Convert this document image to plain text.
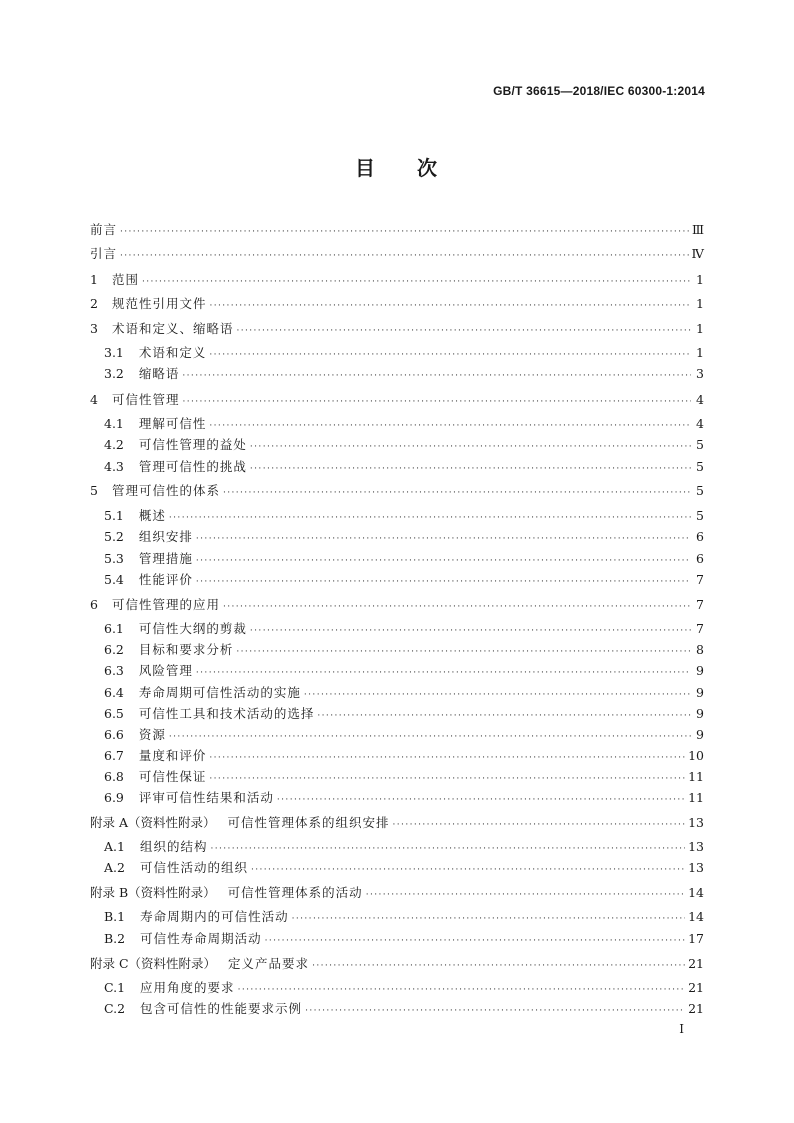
GB/T 36615—2018/IEC 60300-1:2014
目 次
前言 ·····	Ⅲ
引言 ·····	Ⅳ
1 范围 ·····	1
2 规范性引用文件 ·····	1
3 术语和定义、缩略语 ·····	1
3.1 术语和定义 ·····	1
3.2 缩略语 ·····	3
4 可信性管理 ·····	4
4.1 理解可信性 ·····	4
4.2 可信性管理的益处 ·····	5
4.3 管理可信性的挑战 ·····	5
5 管理可信性的体系 ·····	5
5.1 概述 ·····	5
5.2 组织安排 ·····	6
5.3 管理措施 ·····	6
5.4 性能评价 ·····	7
6 可信性管理的应用 ·····	7
6.1 可信性大纲的剪裁 ·····	7
6.2 目标和要求分析 ·····	8
6.3 风险管理 ·····	9
6.4 寿命周期可信性活动的实施 ·····	9
6.5 可信性工具和技术活动的选择 ·····	9
6.6 资源 ·····	9
6.7 量度和评价 ·····	10
6.8 可信性保证 ·····	11
6.9 评审可信性结果和活动 ·····	11
附录 A（资料性附录） 可信性管理体系的组织安排 ·····	13
A.1 组织的结构 ·····	13
A.2 可信性活动的组织 ·····	13
附录 B（资料性附录） 可信性管理体系的活动 ·····	14
B.1 寿命周期内的可信性活动 ·····	14
B.2 可信性寿命周期活动 ·····	17
附录 C（资料性附录） 定义产品要求 ·····	21
C.1 应用角度的要求 ·····	21
C.2 包含可信性的性能要求示例 ·····	21
I
